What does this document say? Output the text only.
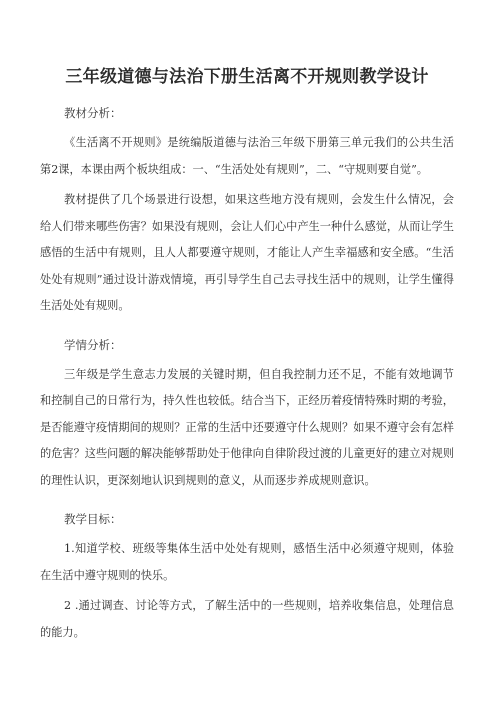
三年级道德与法治下册生活离不开规则教学设计
教材分析：

《生活离不开规则》是统编版道德与法治三年级下册第三单元我们的公共生活第2课，本课由两个板块组成：一、“生活处处有规则”，二、“守规则要自觉”。

教材提供了几个场景进行设想，如果这些地方没有规则，会发生什么情况，会给人们带来哪些伤害？如果没有规则，会让人们心中产生一种什么感觉，从而让学生感悟的生活中有规则，且人人都要遵守规则，才能让人产生幸福感和安全感。“生活处处有规则”通过设计游戏情境，再引导学生自己去寻找生活中的规则，让学生懂得生活处处有规则。

学情分析：

三年级是学生意志力发展的关键时期，但自我控制力还不足，不能有效地调节和控制自己的日常行为，持久性也较低。结合当下，正经历着疫情特殊时期的考验，是否能遵守疫情期间的规则？正常的生活中还要遵守什么规则？如果不遵守会有怎样的危害？这些问题的解决能够帮助处于他律向自律阶段过渡的儿童更好的建立对规则的理性认识，更深刻地认识到规则的意义，从而逐步养成规则意识。

教学目标：

1.知道学校、班级等集体生活中处处有规则，感悟生活中必须遵守规则，体验在生活中遵守规则的快乐。

2 .通过调查、讨论等方式，了解生活中的一些规则，培养收集信息，处理信息的能力。
